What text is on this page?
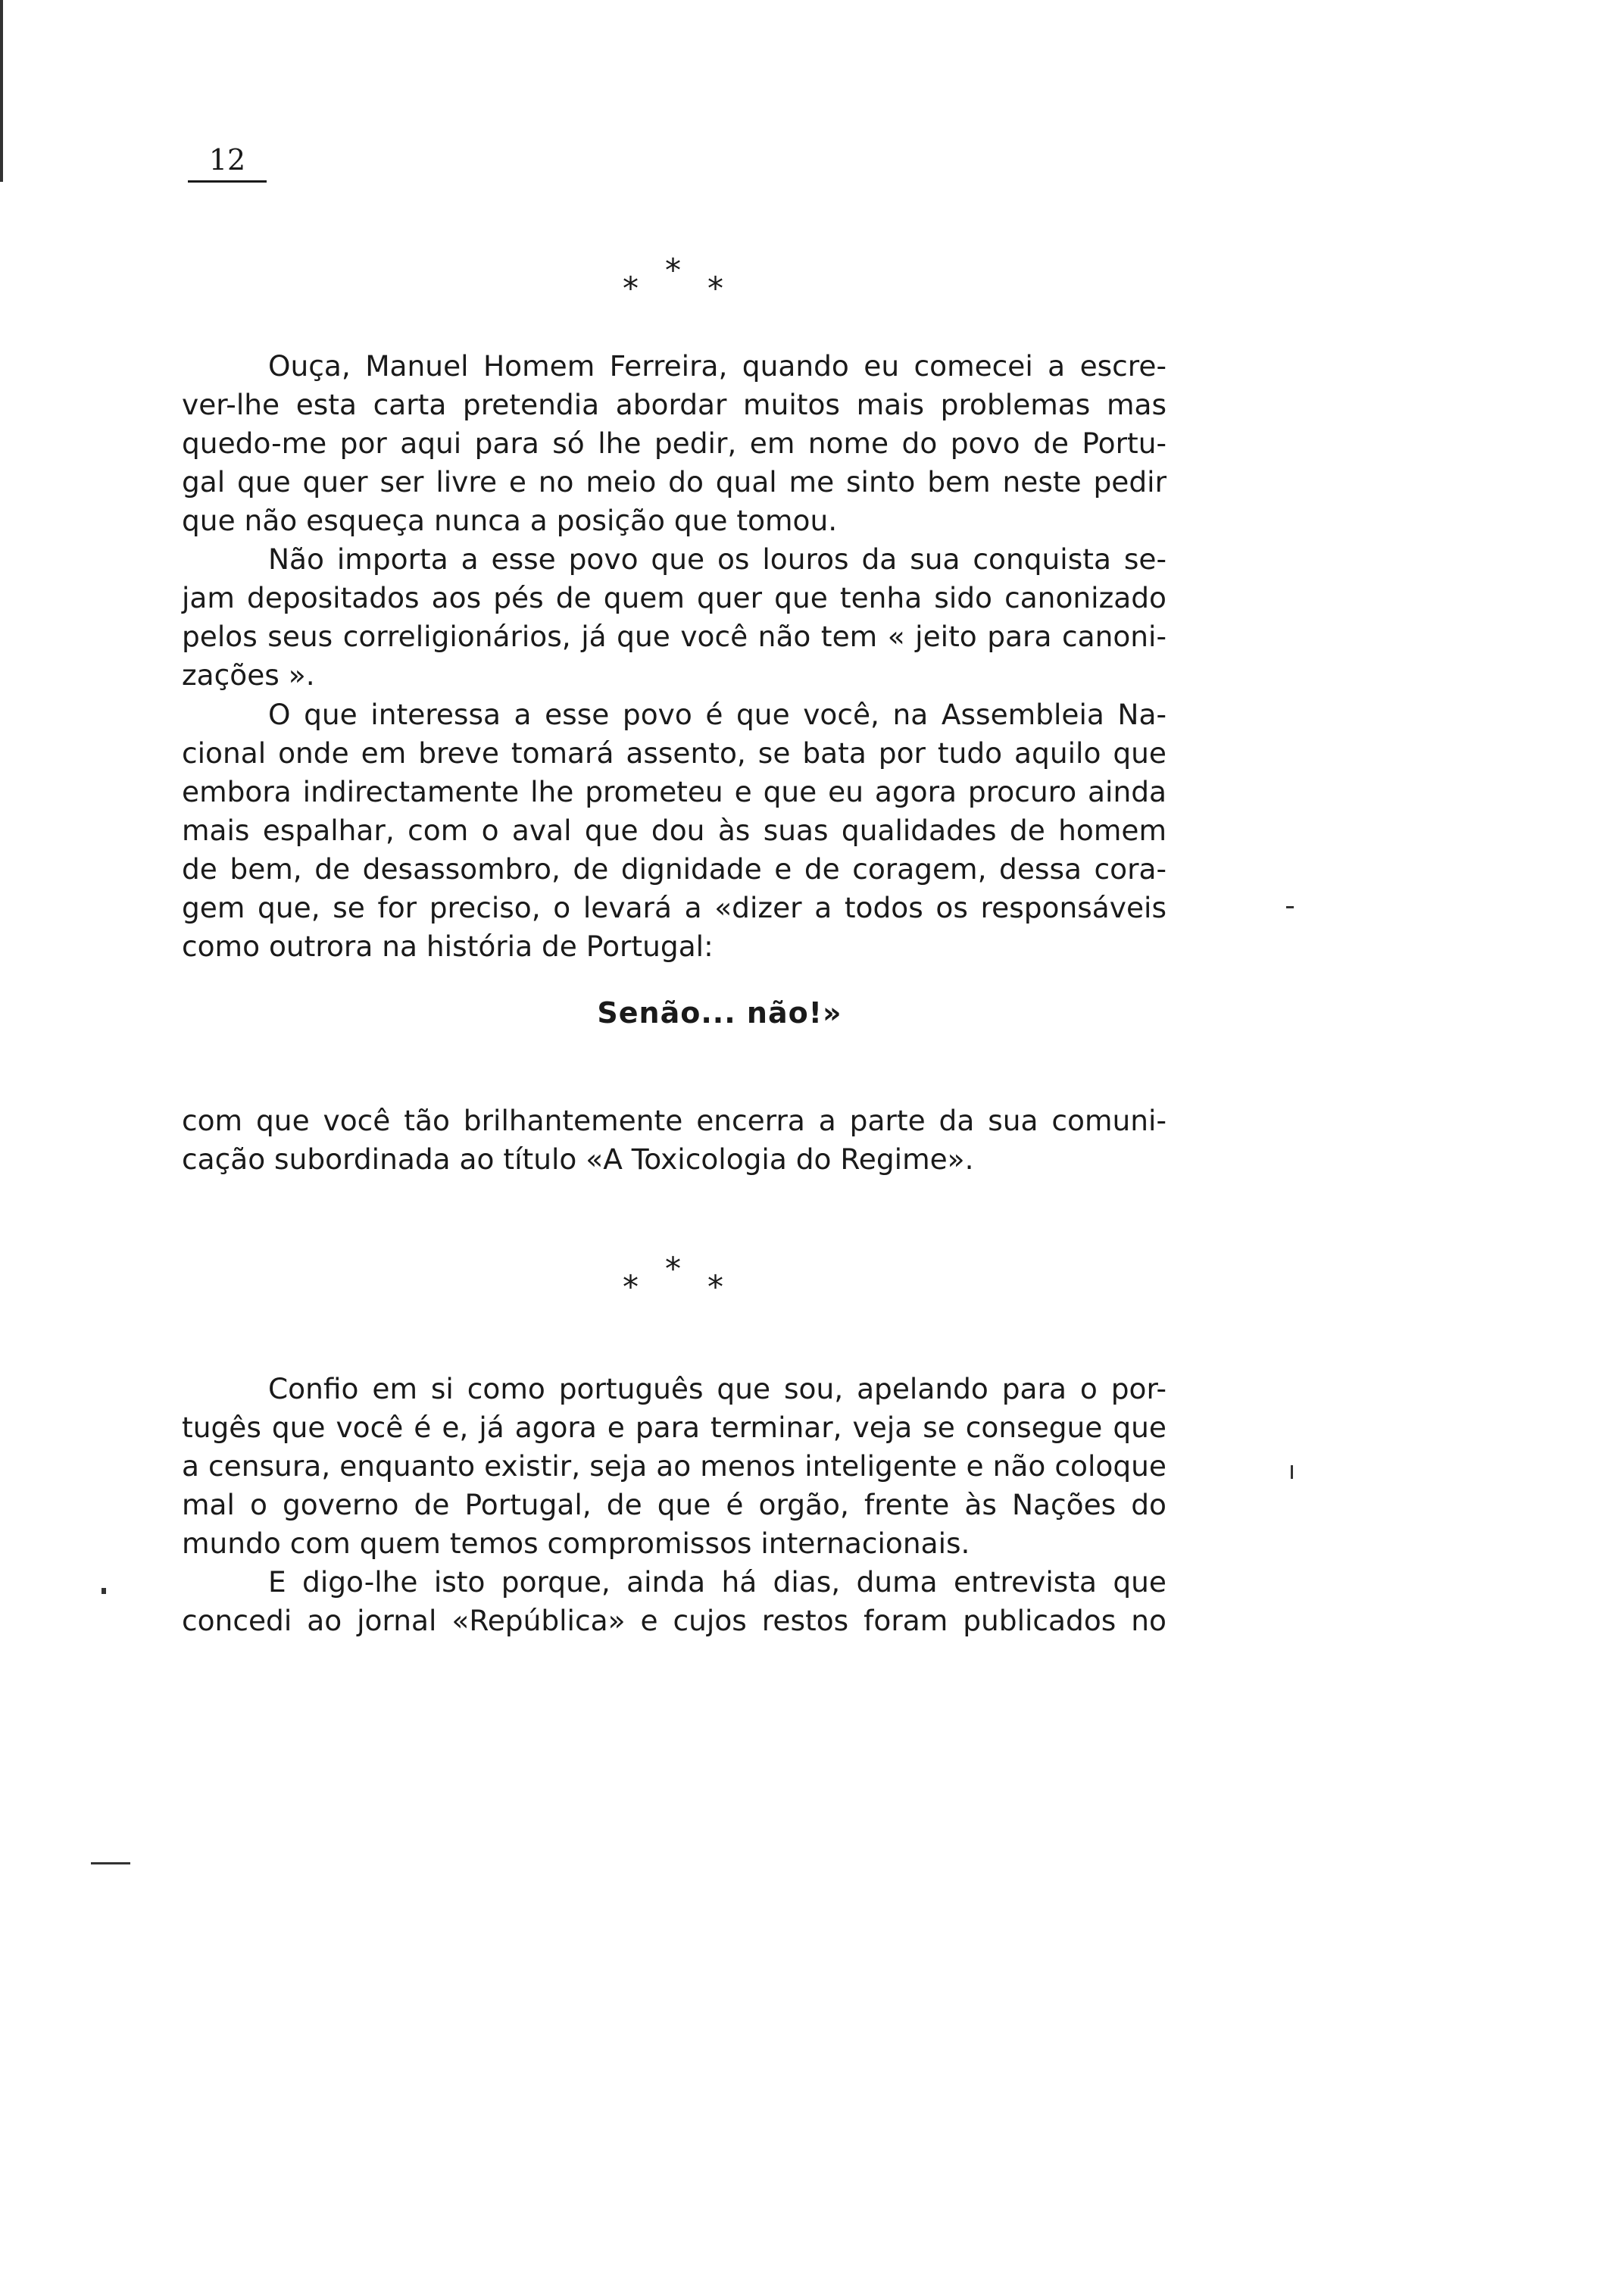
12
*
* *

Ouça, Manuel Homem Ferreira, quando eu comecei a escre-
ver-lhe esta carta pretendia abordar muitos mais problemas mas
quedo-me por aqui para só lhe pedir, em nome do povo de Portu-
gal que quer ser livre e no meio do qual me sinto bem neste pedir
que não esqueça nunca a posição que tomou.

Não importa a esse povo que os louros da sua conquista se-
jam depositados aos pés de quem quer que tenha sido canonizado
pelos seus correligionários, já que você não tem « jeito para canoni-
zações ».

O que interessa a esse povo é que você, na Assembleia Na-
cional onde em breve tomará assento, se bata por tudo aquilo que
embora indirectamente lhe prometeu e que eu agora procuro ainda
mais espalhar, com o aval que dou às suas qualidades de homem
de bem, de desassombro, de dignidade e de coragem, dessa cora-
gem que, se for preciso, o levará a «dizer a todos os responsáveis
como outrora na história de Portugal:

Senão... não!»

com que você tão brilhantemente encerra a parte da sua comuni-
cação subordinada ao título «A Toxicologia do Regime».

*
* *

Confio em si como português que sou, apelando para o por-
tugês que você é e, já agora e para terminar, veja se consegue que
a censura, enquanto existir, seja ao menos inteligente e não coloque
mal o governo de Portugal, de que é orgão, frente às Nações do
mundo com quem temos compromissos internacionais.

E digo-lhe isto porque, ainda há dias, duma entrevista que
concedi ao jornal «República» e cujos restos foram publicados no
